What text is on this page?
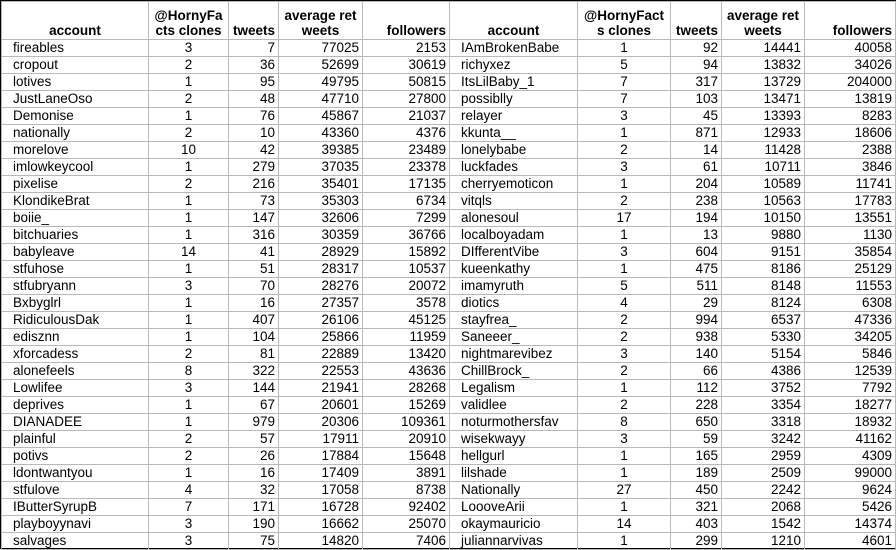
account	@HornyFacts clones	tweets	average retweets	followers	account	@HornyFacts clones	tweets	average retweets	followers
fireables	3	7	77025	2153	IAmBrokenBabe	1	92	14441	40058
cropout	2	36	52699	30619	richyxez	5	94	13832	34026
lotives	1	95	49795	50815	ItsLilBaby_1	7	317	13729	204000
JustLaneOso	2	48	47710	27800	possiblly	7	103	13471	13819
Demonise	1	76	45867	21037	relayer	3	45	13393	8283
nationally	2	10	43360	4376	kkunta__	1	871	12933	18606
morelove	10	42	39385	23489	lonelybabe	2	14	11428	2388
imlowkeycool	1	279	37035	23378	luckfades	3	61	10711	3846
pixelise	2	216	35401	17135	cherryemoticon	1	204	10589	11741
KlondikeBrat	1	73	35303	6734	vitqls	2	238	10563	17783
boiie_	1	147	32606	7299	alonesoul	17	194	10150	13551
bitchuaries	1	316	30359	36766	localboyadam	1	13	9880	1130
babyleave	14	41	28929	15892	DIfferentVibe	3	604	9151	35854
stfuhose	1	51	28317	10537	kueenkathy	1	475	8186	25129
stfubryann	3	70	28276	20072	imamyruth	5	511	8148	11553
Bxbyglrl	1	16	27357	3578	diotics	4	29	8124	6308
RidiculousDak	1	407	26106	45125	stayfrea_	2	994	6537	47336
edisznn	1	104	25866	11959	Saneeer_	2	938	5330	34205
xforcadess	2	81	22889	13420	nightmarevibez	3	140	5154	5846
alonefeels	8	322	22553	43636	ChillBrock_	2	66	4386	12539
Lowlifee	3	144	21941	28268	Legalism	1	112	3752	7792
deprives	1	67	20601	15269	validlee	2	228	3354	18277
DIANADEE	1	979	20306	109361	noturmothersfav	8	650	3318	18932
plainful	2	57	17911	20910	wisekwayy	3	59	3242	41162
potivs	2	26	17884	15648	hellgurl	1	165	2959	4309
ldontwantyou	1	16	17409	3891	lilshade	1	189	2509	99000
stfulove	4	32	17058	8738	Nationally	27	450	2242	9624
IButterSyrupB	7	171	16728	92402	LoooveArii	1	321	2068	5426
playboyynavi	3	190	16662	25070	okaymauricio	14	403	1542	14374
salvages	3	75	14820	7406	juliannarvivas	1	299	1210	4601
